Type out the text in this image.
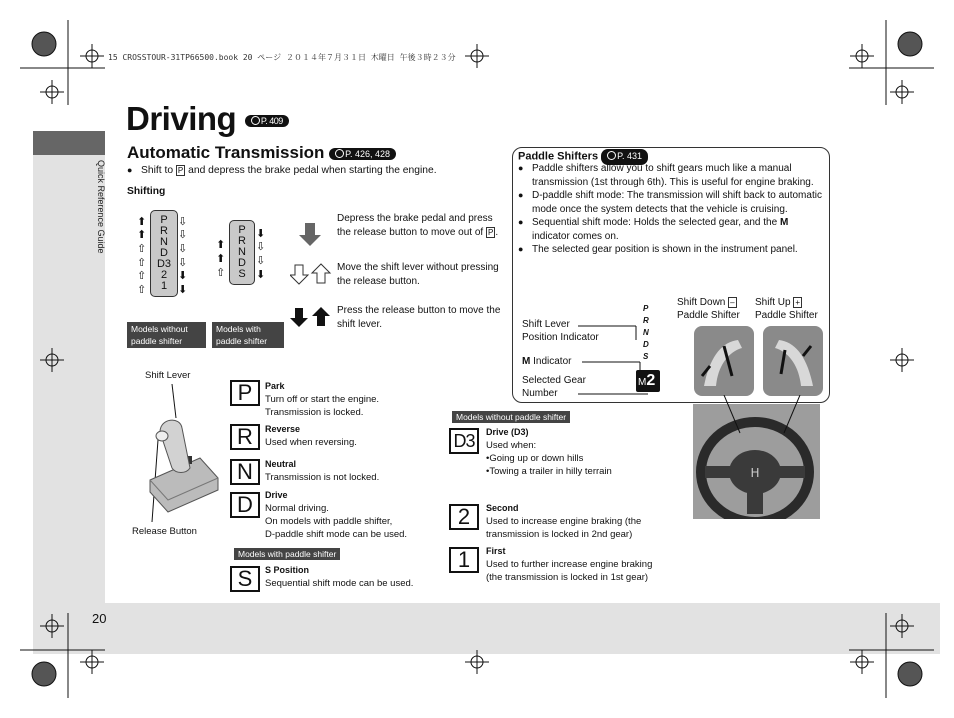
Quick Reference Guide
20
15 CROSSTOUR-31TP66500.book 20 ページ ２０１４年７月３１日 木曜日 午後３時２３分
Driving	P. 409
Automatic Transmission P. 426, 428
● Shift to P and depress the brake pedal when starting the engine.
Shifting
P
R
N
D
D3
2
1
⬆
⬆
⇧
⇧
⇧
⇧
⇩
⇩
⇩
⇩
⬇
⬇
P
R
N
D
S
⬆
⬆
⇧
⬇
⇩
⇩
⬇
Models without paddle shifter
Models with paddle shifter
Depress the brake pedal and press the release button to move out of P .
Move the shift lever without pressing the release button.
Press the release button to move the shift lever.
Shift Lever
Release Button
P	Park
Turn off or start the engine.
Transmission is locked.
R	Reverse
Used when reversing.
N	Neutral
Transmission is not locked.
D	Drive
Normal driving.
On models with paddle shifter,
D-paddle shift mode can be used.
Models with paddle shifter
S	S Position
Sequential shift mode can be used.
Models without paddle shifter
D3	Drive (D3)
Used when:
•Going up or down hills
•Towing a trailer in hilly terrain
2	Second
Used to increase engine braking (the
transmission is locked in 2nd gear)
1	First
Used to further increase engine braking
(the transmission is locked in 1st gear)
Paddle Shifters P. 431
● Paddle shifters allow you to shift gears much like a manual transmission (1st through 6th). This is useful for engine braking.
● D-paddle shift mode: The transmission will shift back to automatic mode once the system detects that the vehicle is cruising.
● Sequential shift mode: Holds the selected gear, and the M indicator comes on.
● The selected gear position is shown in the instrument panel.
P
R
N
D
S
Shift Lever
Position Indicator
M Indicator
Selected Gear
Number
M2
Shift Down –
Paddle Shifter
Shift Up +
Paddle Shifter
H
